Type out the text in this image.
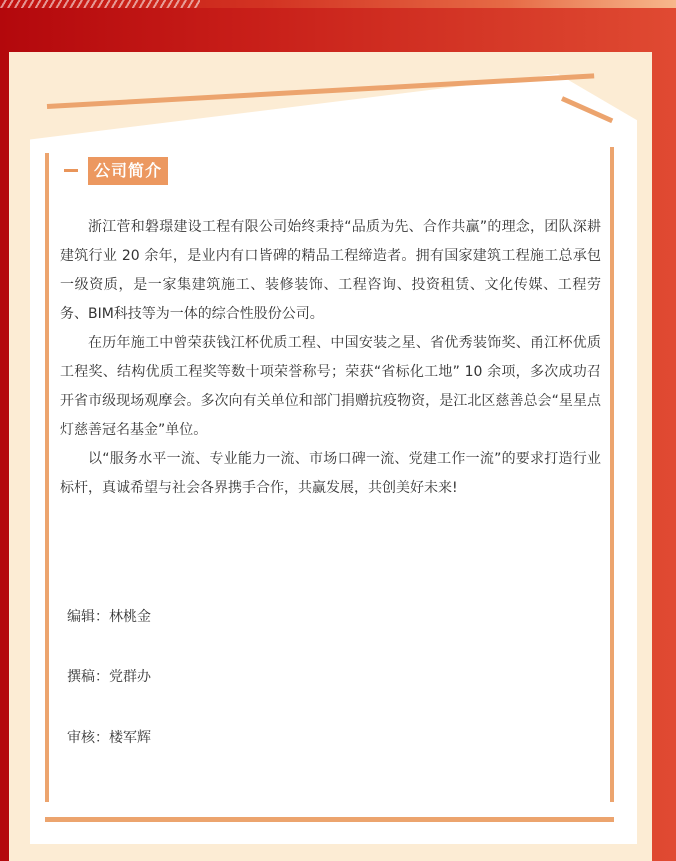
公司简介

浙江菅和磐璟建设工程有限公司始终秉持“品质为先、合作共赢”的理念，团队深耕建筑行业 20 余年，是业内有口皆碑的精品工程缔造者。拥有国家建筑工程施工总承包一级资质，是一家集建筑施工、装修装饰、工程咨询、投资租赁、文化传媒、工程劳务、BIM科技等为一体的综合性股份公司。

在历年施工中曾荣获钱江杯优质工程、中国安装之星、省优秀装饰奖、甬江杯优质工程奖、结构优质工程奖等数十项荣誉称号；荣获“省标化工地” 10 余项，多次成功召开省市级现场观摩会。多次向有关单位和部门捐赠抗疫物资，是江北区慈善总会“星星点灯慈善冠名基金”单位。

以“服务水平一流、专业能力一流、市场口碑一流、党建工作一流”的要求打造行业标杆，真诚希望与社会各界携手合作，共赢发展，共创美好未来!

编辑：林桃金
撰稿：党群办
审核：楼军辉
